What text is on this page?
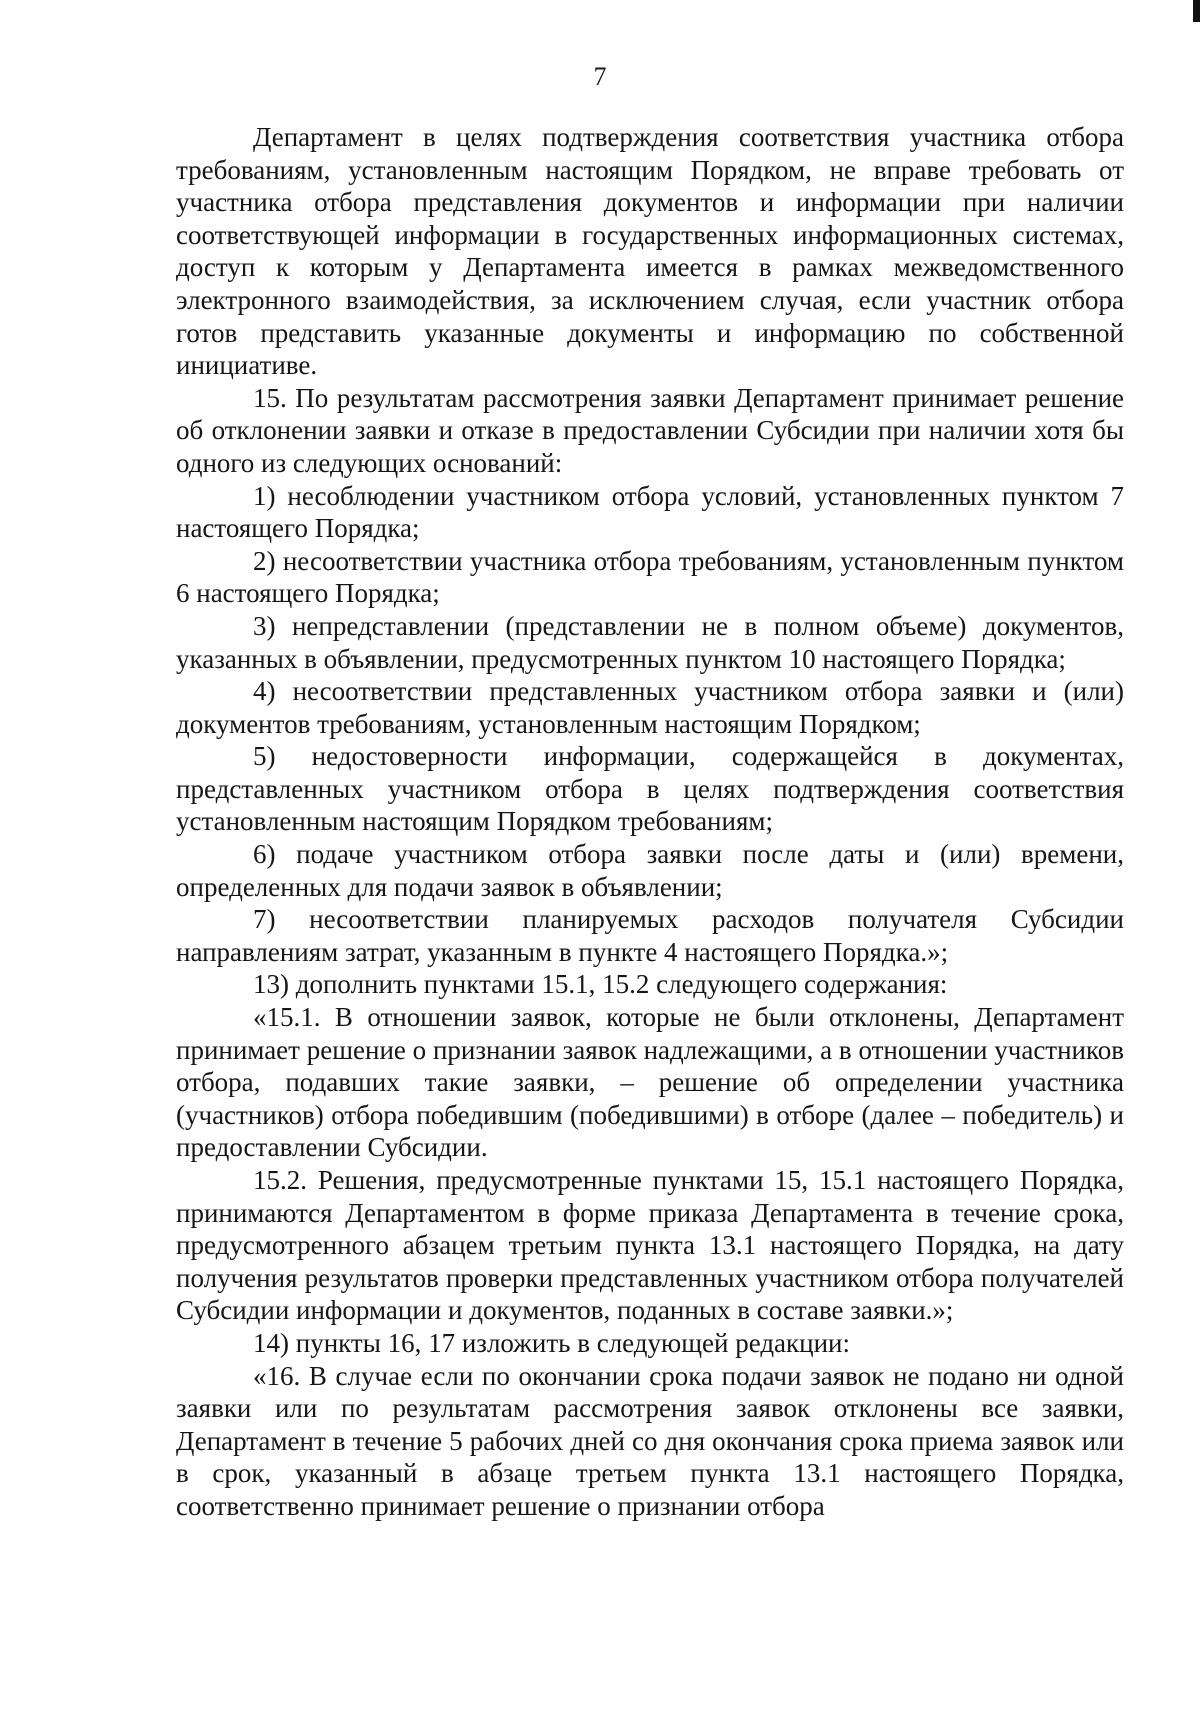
7

Департамент в целях подтверждения соответствия участника отбора требованиям, установленным настоящим Порядком, не вправе требовать от участника отбора представления документов и информации при наличии соответствующей информации в государственных информационных системах, доступ к которым у Департамента имеется в рамках межведомственного электронного взаимодействия, за исключением случая, если участник отбора готов представить указанные документы и информацию по собственной инициативе.

15. По результатам рассмотрения заявки Департамент принимает решение об отклонении заявки и отказе в предоставлении Субсидии при наличии хотя бы одного из следующих оснований:

1) несоблюдении участником отбора условий, установленных пунктом 7 настоящего Порядка;

2) несоответствии участника отбора требованиям, установленным пунктом 6 настоящего Порядка;

3) непредставлении (представлении не в полном объеме) документов, указанных в объявлении, предусмотренных пунктом 10 настоящего Порядка;

4) несоответствии представленных участником отбора заявки и (или) документов требованиям, установленным настоящим Порядком;

5) недостоверности информации, содержащейся в документах, представленных участником отбора в целях подтверждения соответствия установленным настоящим Порядком требованиям;

6) подаче участником отбора заявки после даты и (или) времени, определенных для подачи заявок в объявлении;

7) несоответствии планируемых расходов получателя Субсидии направлениям затрат, указанным в пункте 4 настоящего Порядка.»;

13) дополнить пунктами 15.1, 15.2 следующего содержания:

«15.1. В отношении заявок, которые не были отклонены, Департамент принимает решение о признании заявок надлежащими, а в отношении участников отбора, подавших такие заявки, – решение об определении участника (участников) отбора победившим (победившими) в отборе (далее – победитель) и предоставлении Субсидии.

15.2. Решения, предусмотренные пунктами 15, 15.1 настоящего Порядка, принимаются Департаментом в форме приказа Департамента в течение срока, предусмотренного абзацем третьим пункта 13.1 настоящего Порядка, на дату получения результатов проверки представленных участником отбора получателей Субсидии информации и документов, поданных в составе заявки.»;

14) пункты 16, 17 изложить в следующей редакции:

«16. В случае если по окончании срока подачи заявок не подано ни одной заявки или по результатам рассмотрения заявок отклонены все заявки, Департамент в течение 5 рабочих дней со дня окончания срока приема заявок или в срок, указанный в абзаце третьем пункта 13.1 настоящего Порядка, соответственно принимает решение о признании отбора
